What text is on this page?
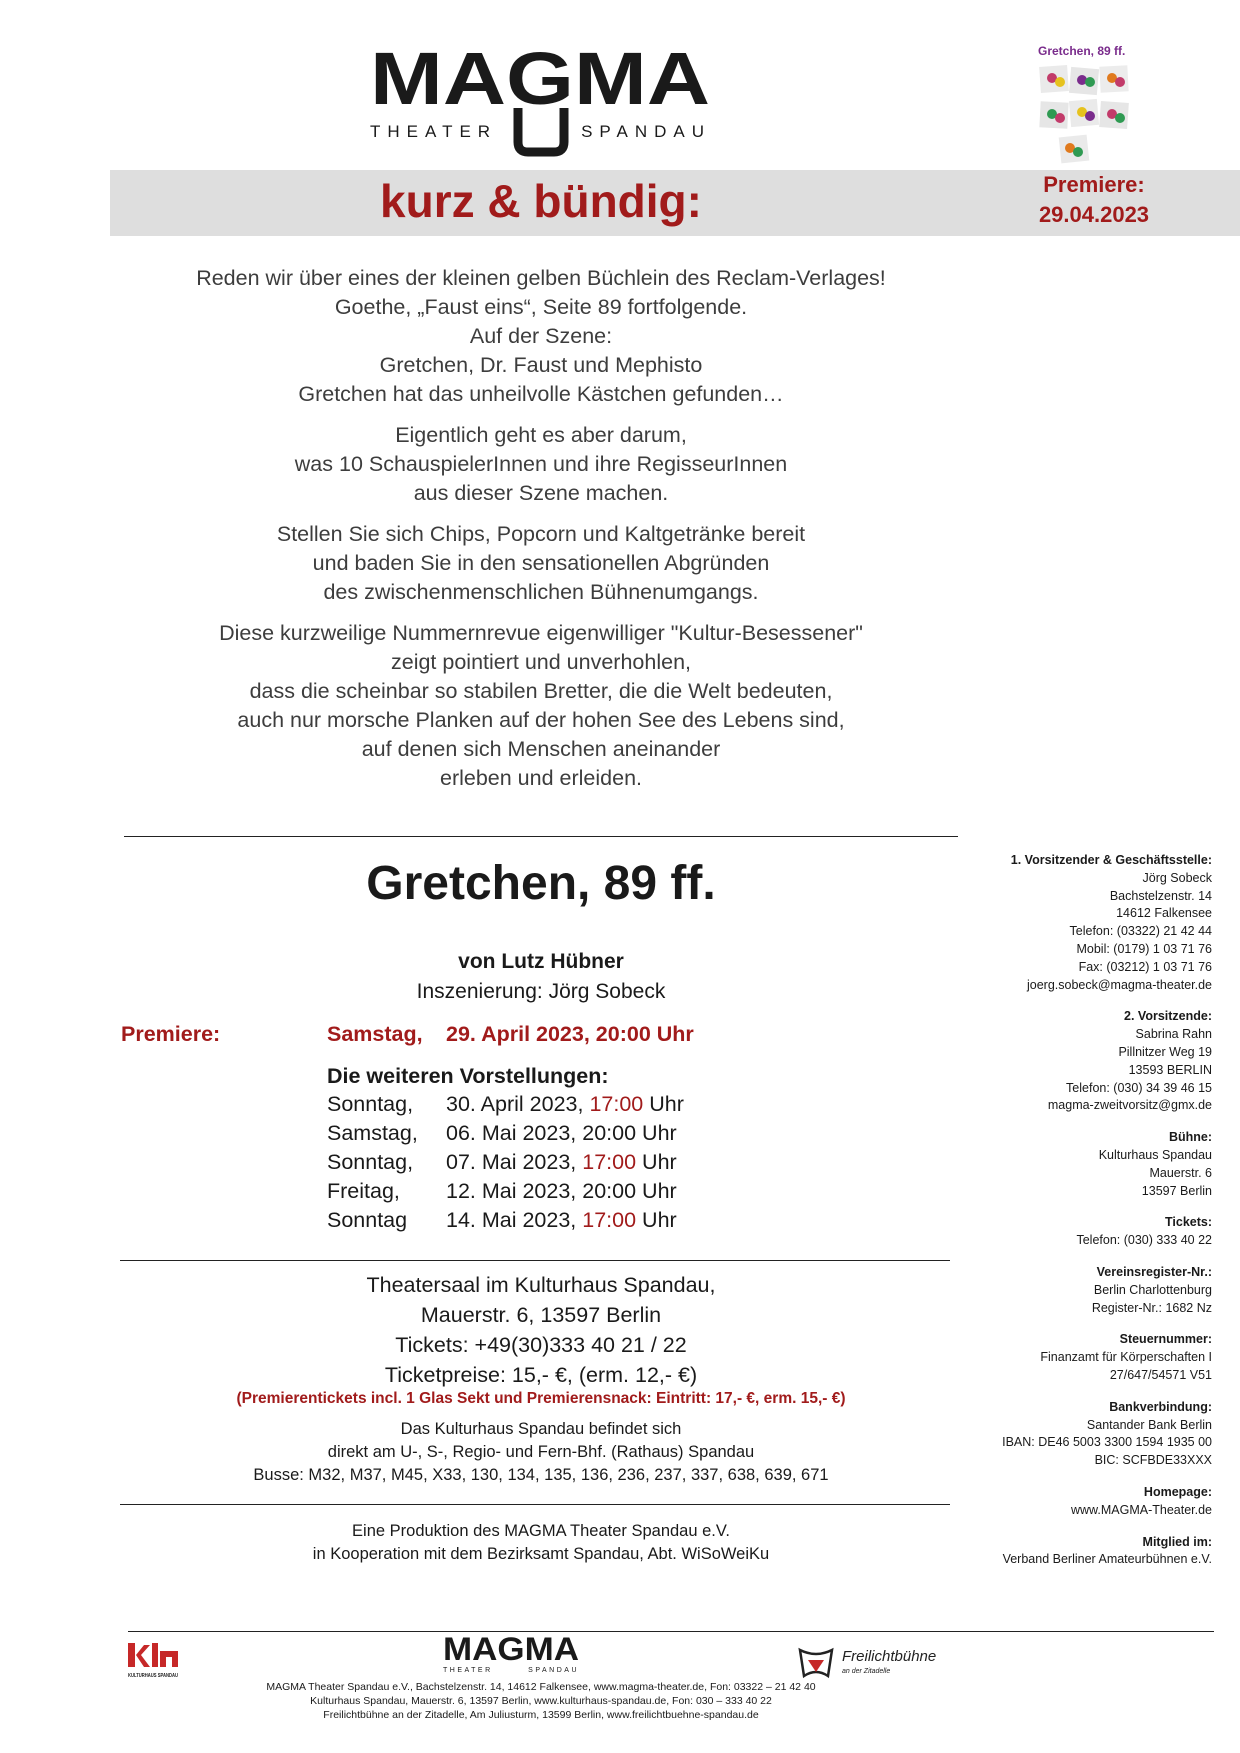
MAGMA
THEATER	SPANDAU
Gretchen, 89 ff.
kurz & bündig:	Premiere:
29.04.2023

Reden wir über eines der kleinen gelben Büchlein des Reclam-Verlages!
Goethe, „Faust eins“, Seite 89 fortfolgende.
Auf der Szene:
Gretchen, Dr. Faust und Mephisto
Gretchen hat das unheilvolle Kästchen gefunden…

Eigentlich geht es aber darum,
was 10 SchauspielerInnen und ihre RegisseurInnen
aus dieser Szene machen.

Stellen Sie sich Chips, Popcorn und Kaltgetränke bereit
und baden Sie in den sensationellen Abgründen
des zwischenmenschlichen Bühnenumgangs.

Diese kurzweilige Nummernrevue eigenwilliger "Kultur-Besessener"
zeigt pointiert und unverhohlen,
dass die scheinbar so stabilen Bretter, die die Welt bedeuten,
auch nur morsche Planken auf der hohen See des Lebens sind,
auf denen sich Menschen aneinander
erleben und erleiden.

Gretchen, 89 ff.
von Lutz Hübner
Inszenierung: Jörg Sobeck
Premiere:	Samstag, 29. April 2023, 20:00 Uhr
Die weiteren Vorstellungen:
Sonntag, 30. April 2023, 17:00 Uhr
Samstag, 06. Mai 2023, 20:00 Uhr
Sonntag, 07. Mai 2023, 17:00 Uhr
Freitag, 12. Mai 2023, 20:00 Uhr
Sonntag 14. Mai 2023, 17:00 Uhr
Theatersaal im Kulturhaus Spandau,
Mauerstr. 6, 13597 Berlin
Tickets: +49(30)333 40 21 / 22
Ticketpreise: 15,- €, (erm. 12,- €)
(Premierentickets incl. 1 Glas Sekt und Premierensnack: Eintritt: 17,- €, erm. 15,- €)
Das Kulturhaus Spandau befindet sich
direkt am U-, S-, Regio- und Fern-Bhf. (Rathaus) Spandau
Busse: M32, M37, M45, X33, 130, 134, 135, 136, 236, 237, 337, 638, 639, 671
Eine Produktion des MAGMA Theater Spandau e.V.
in Kooperation mit dem Bezirksamt Spandau, Abt. WiSoWeiKu
1. Vorsitzender & Geschäftsstelle:
Jörg Sobeck
Bachstelzenstr. 14
14612 Falkensee
Telefon: (03322) 21 42 44
Mobil: (0179) 1 03 71 76
Fax: (03212) 1 03 71 76
joerg.sobeck@magma-theater.de
2. Vorsitzende:
Sabrina Rahn
Pillnitzer Weg 19
13593 BERLIN
Telefon: (030) 34 39 46 15
magma-zweitvorsitz@gmx.de
Bühne:
Kulturhaus Spandau
Mauerstr. 6
13597 Berlin
Tickets:
Telefon: (030) 333 40 22
Vereinsregister-Nr.:
Berlin Charlottenburg
Register-Nr.: 1682 Nz
Steuernummer:
Finanzamt für Körperschaften I
27/647/54571 V51
Bankverbindung:
Santander Bank Berlin
IBAN: DE46 5003 3300 1594 1935 00
BIC: SCFBDE33XXX
Homepage:
www.MAGMA-Theater.de
Mitglied im:
Verband Berliner Amateurbühnen e.V.
KULTURHAUS SPANDAU
MAGMA
THEATER	SPANDAU
Freilichtbühne
an der Zitadelle
MAGMA Theater Spandau e.V., Bachstelzenstr. 14, 14612 Falkensee, www.magma-theater.de, Fon: 03322 – 21 42 40
Kulturhaus Spandau, Mauerstr. 6, 13597 Berlin, www.kulturhaus-spandau.de, Fon: 030 – 333 40 22
Freilichtbühne an der Zitadelle, Am Juliusturm, 13599 Berlin, www.freilichtbuehne-spandau.de
